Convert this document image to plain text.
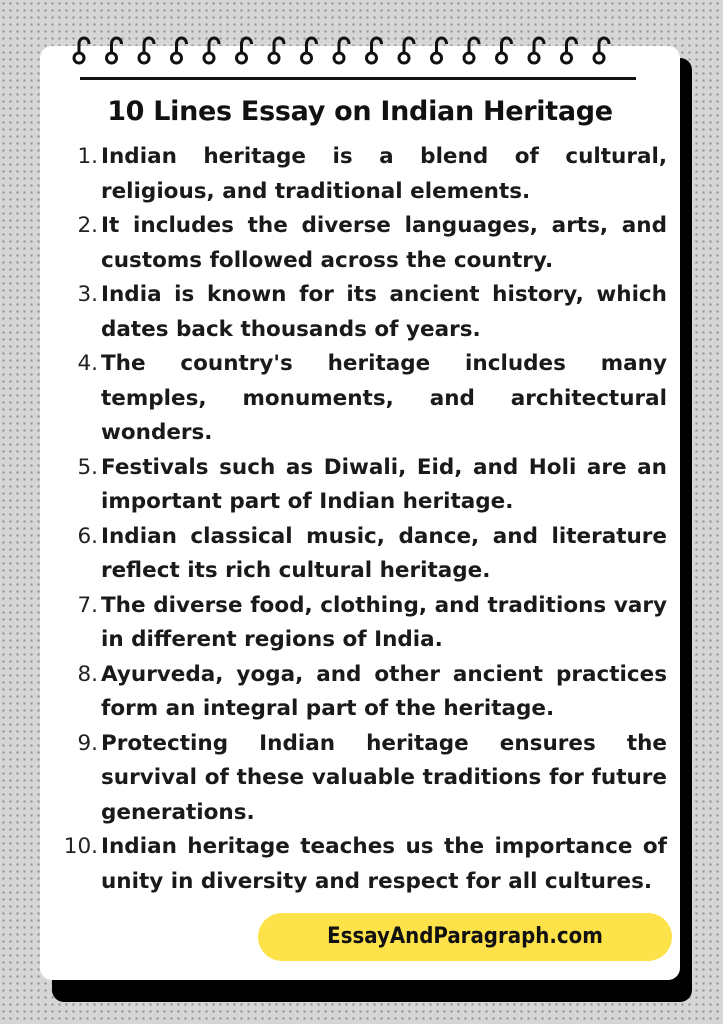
10 Lines Essay on Indian Heritage
1. Indian heritage is a blend of cultural, religious, and traditional elements.
2. It includes the diverse languages, arts, and customs followed across the country.
3. India is known for its ancient history, which dates back thousands of years.
4. The country's heritage includes many temples, monuments, and architectural wonders.
5. Festivals such as Diwali, Eid, and Holi are an important part of Indian heritage.
6. Indian classical music, dance, and literature reflect its rich cultural heritage.
7. The diverse food, clothing, and traditions vary in different regions of India.
8. Ayurveda, yoga, and other ancient practices form an integral part of the heritage.
9. Protecting Indian heritage ensures the survival of these valuable traditions for future generations.
10. Indian heritage teaches us the importance of unity in diversity and respect for all cultures.
EssayAndParagraph.com
